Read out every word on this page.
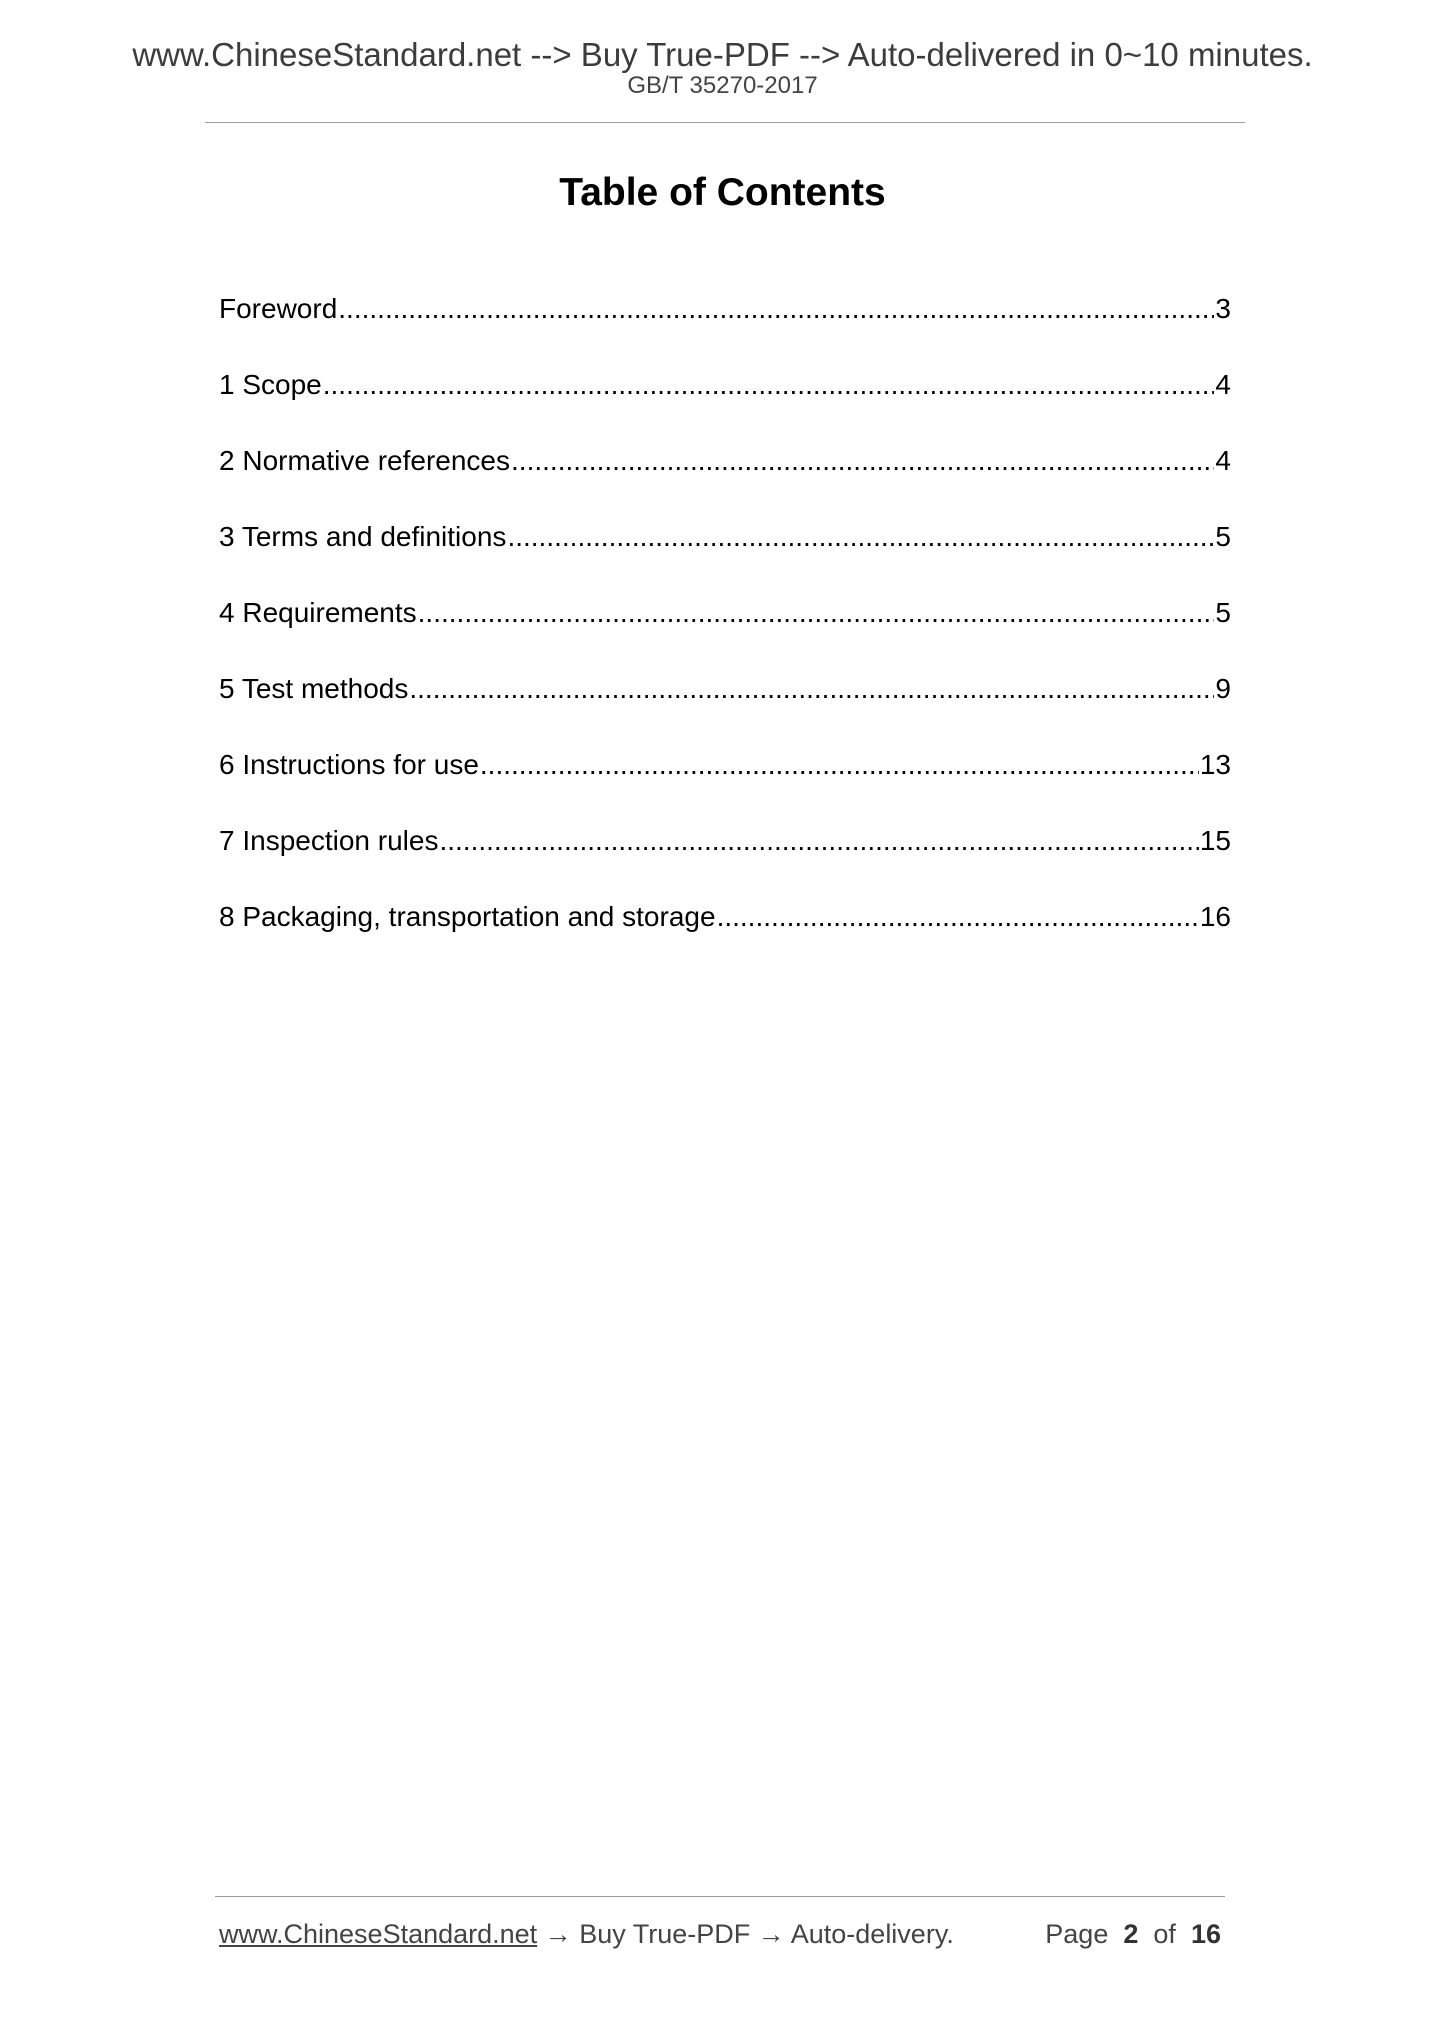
www.ChineseStandard.net --> Buy True-PDF --> Auto-delivered in 0~10 minutes.
GB/T 35270-2017
Table of Contents
Foreword .....	3
1 Scope .....	4
2 Normative references .....	4
3 Terms and definitions .....	5
4 Requirements .....	5
5 Test methods .....	9
6 Instructions for use .....	13
7 Inspection rules .....	15
8 Packaging, transportation and storage .....	16
www.ChineseStandard.net → Buy True-PDF → Auto-delivery.	Page 2 of 16
